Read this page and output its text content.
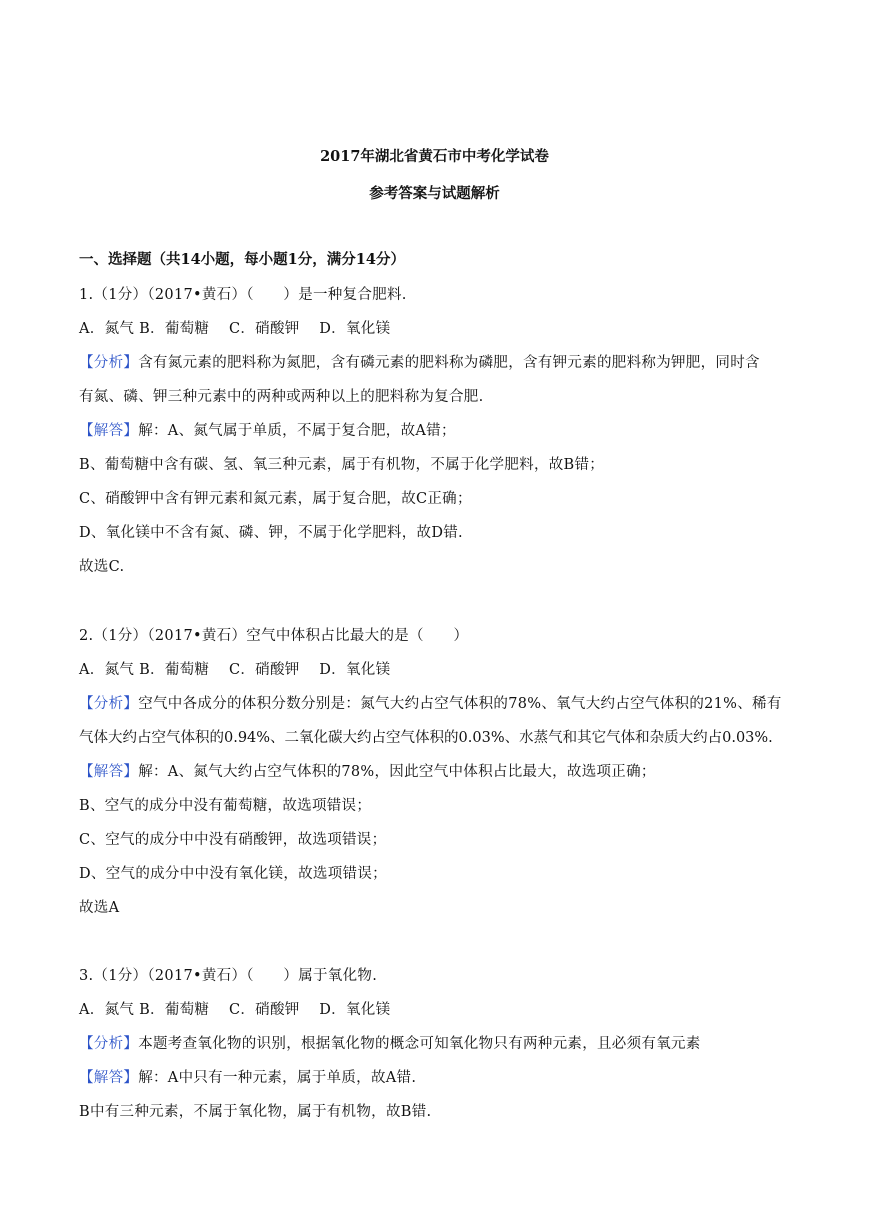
2017年湖北省黄石市中考化学试卷
参考答案与试题解析
一、选择题（共14小题，每小题1分，满分14分）
1.（1分）（2017•黄石）（　　）是一种复合肥料.
A．氮气 B．葡萄糖　 C．硝酸钾　 D．氧化镁
【分析】含有氮元素的肥料称为氮肥，含有磷元素的肥料称为磷肥，含有钾元素的肥料称为钾肥，同时含
有氮、磷、钾三种元素中的两种或两种以上的肥料称为复合肥.
【解答】解：A、氮气属于单质，不属于复合肥，故A错；
B、葡萄糖中含有碳、氢、氧三种元素，属于有机物，不属于化学肥料，故B错；
C、硝酸钾中含有钾元素和氮元素，属于复合肥，故C正确；
D、氧化镁中不含有氮、磷、钾，不属于化学肥料，故D错.
故选C.
2.（1分）（2017•黄石）空气中体积占比最大的是（　　）
A．氮气 B．葡萄糖　 C．硝酸钾　 D．氧化镁
【分析】空气中各成分的体积分数分别是：氮气大约占空气体积的78%、氧气大约占空气体积的21%、稀有
气体大约占空气体积的0.94%、二氧化碳大约占空气体积的0.03%、水蒸气和其它气体和杂质大约占0.03%.
【解答】解：A、氮气大约占空气体积的78%，因此空气中体积占比最大，故选项正确；
B、空气的成分中没有葡萄糖，故选项错误；
C、空气的成分中中没有硝酸钾，故选项错误；
D、空气的成分中中没有氧化镁，故选项错误；
故选A
3.（1分）（2017•黄石）（　　）属于氧化物.
A．氮气 B．葡萄糖　 C．硝酸钾　 D．氧化镁
【分析】本题考查氧化物的识别，根据氧化物的概念可知氧化物只有两种元素，且必须有氧元素
【解答】解：A中只有一种元素，属于单质，故A错.
B中有三种元素，不属于氧化物，属于有机物，故B错.
